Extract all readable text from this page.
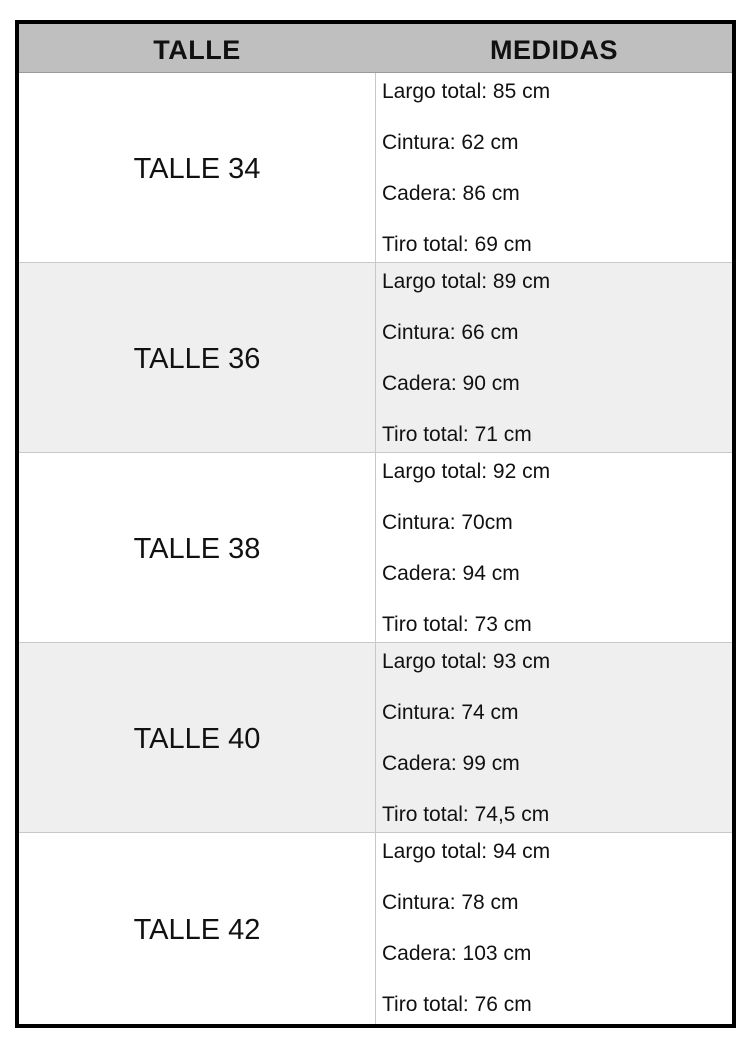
TALLE	MEDIDAS
TALLE 34
Largo total: 85 cm
Cintura: 62 cm
Cadera: 86 cm
Tiro total: 69 cm
TALLE 36
Largo total: 89 cm
Cintura: 66 cm
Cadera: 90 cm
Tiro total: 71 cm
TALLE 38
Largo total: 92 cm
Cintura: 70cm
Cadera: 94 cm
Tiro total: 73 cm
TALLE 40
Largo total: 93 cm
Cintura: 74 cm
Cadera: 99 cm
Tiro total: 74,5 cm
TALLE 42
Largo total: 94 cm
Cintura: 78 cm
Cadera: 103 cm
Tiro total: 76 cm
